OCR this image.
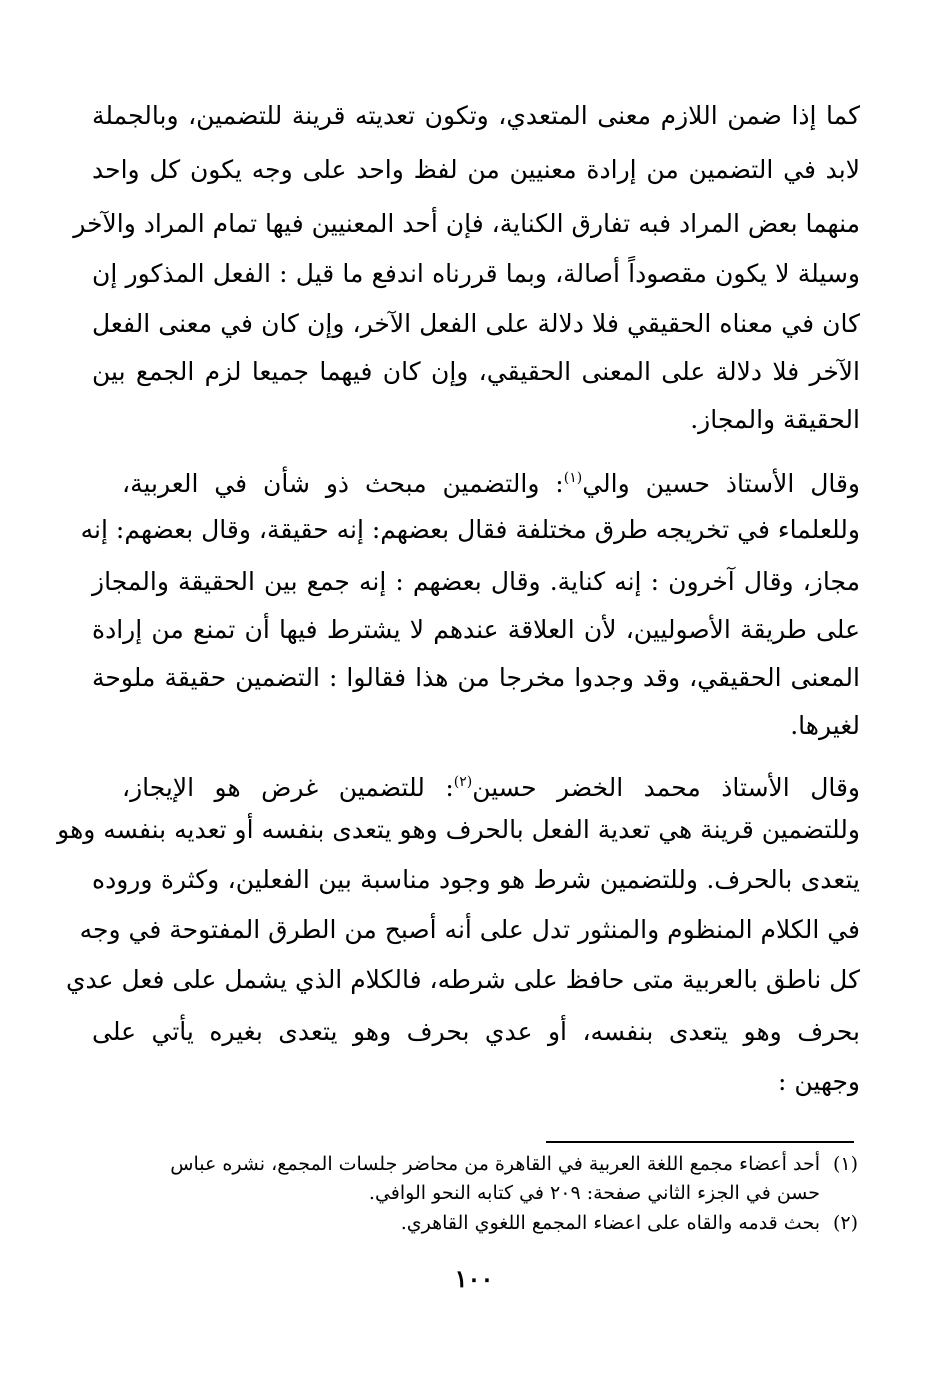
كما إذا ضمن اللازم معنى المتعدي، وتكون تعديته قرينة للتضمين، وبالجملة
لابد في التضمين من إرادة معنيين من لفظ واحد على وجه يكون كل واحد
منهما بعض المراد فبه تفارق الكناية، فإن أحد المعنيين فيها تمام المراد والآخر
وسيلة لا يكون مقصوداً أصالة، وبما قررناه اندفع ما قيل : الفعل المذكور إن
كان في معناه الحقيقي فلا دلالة على الفعل الآخر، وإن كان في معنى الفعل
الآخر فلا دلالة على المعنى الحقيقي، وإن كان فيهما جميعا لزم الجمع بين
الحقيقة والمجاز.
وقال الأستاذ حسين والي$^{(١)}$: والتضمين مبحث ذو شأن في العربية،
وللعلماء في تخريجه طرق مختلفة فقال بعضهم: إنه حقيقة، وقال بعضهم: إنه
مجاز، وقال آخرون : إنه كناية. وقال بعضهم : إنه جمع بين الحقيقة والمجاز
على طريقة الأصوليين، لأن العلاقة عندهم لا يشترط فيها أن تمنع من إرادة
المعنى الحقيقي، وقد وجدوا مخرجا من هذا فقالوا : التضمين حقيقة ملوحة
لغيرها.
وقال الأستاذ محمد الخضر حسين$^{(٢)}$: للتضمين غرض هو الإيجاز،
وللتضمين قرينة هي تعدية الفعل بالحرف وهو يتعدى بنفسه أو تعديه بنفسه وهو
يتعدى بالحرف. وللتضمين شرط هو وجود مناسبة بين الفعلين، وكثرة وروده
في الكلام المنظوم والمنثور تدل على أنه أصبح من الطرق المفتوحة في وجه
كل ناطق بالعربية متى حافظ على شرطه، فالكلام الذي يشمل على فعل عدي
بحرف وهو يتعدى بنفسه، أو عدي بحرف وهو يتعدى بغيره يأتي على
وجهين :
(١)أحد أعضاء مجمع اللغة العربية في القاهرة من محاضر جلسات المجمع، نشره عباس
حسن في الجزء الثاني صفحة: ٢٠٩ في كتابه النحو الوافي.
(٢)بحث قدمه والقاه على اعضاء المجمع اللغوي القاهري.
١٠٠
